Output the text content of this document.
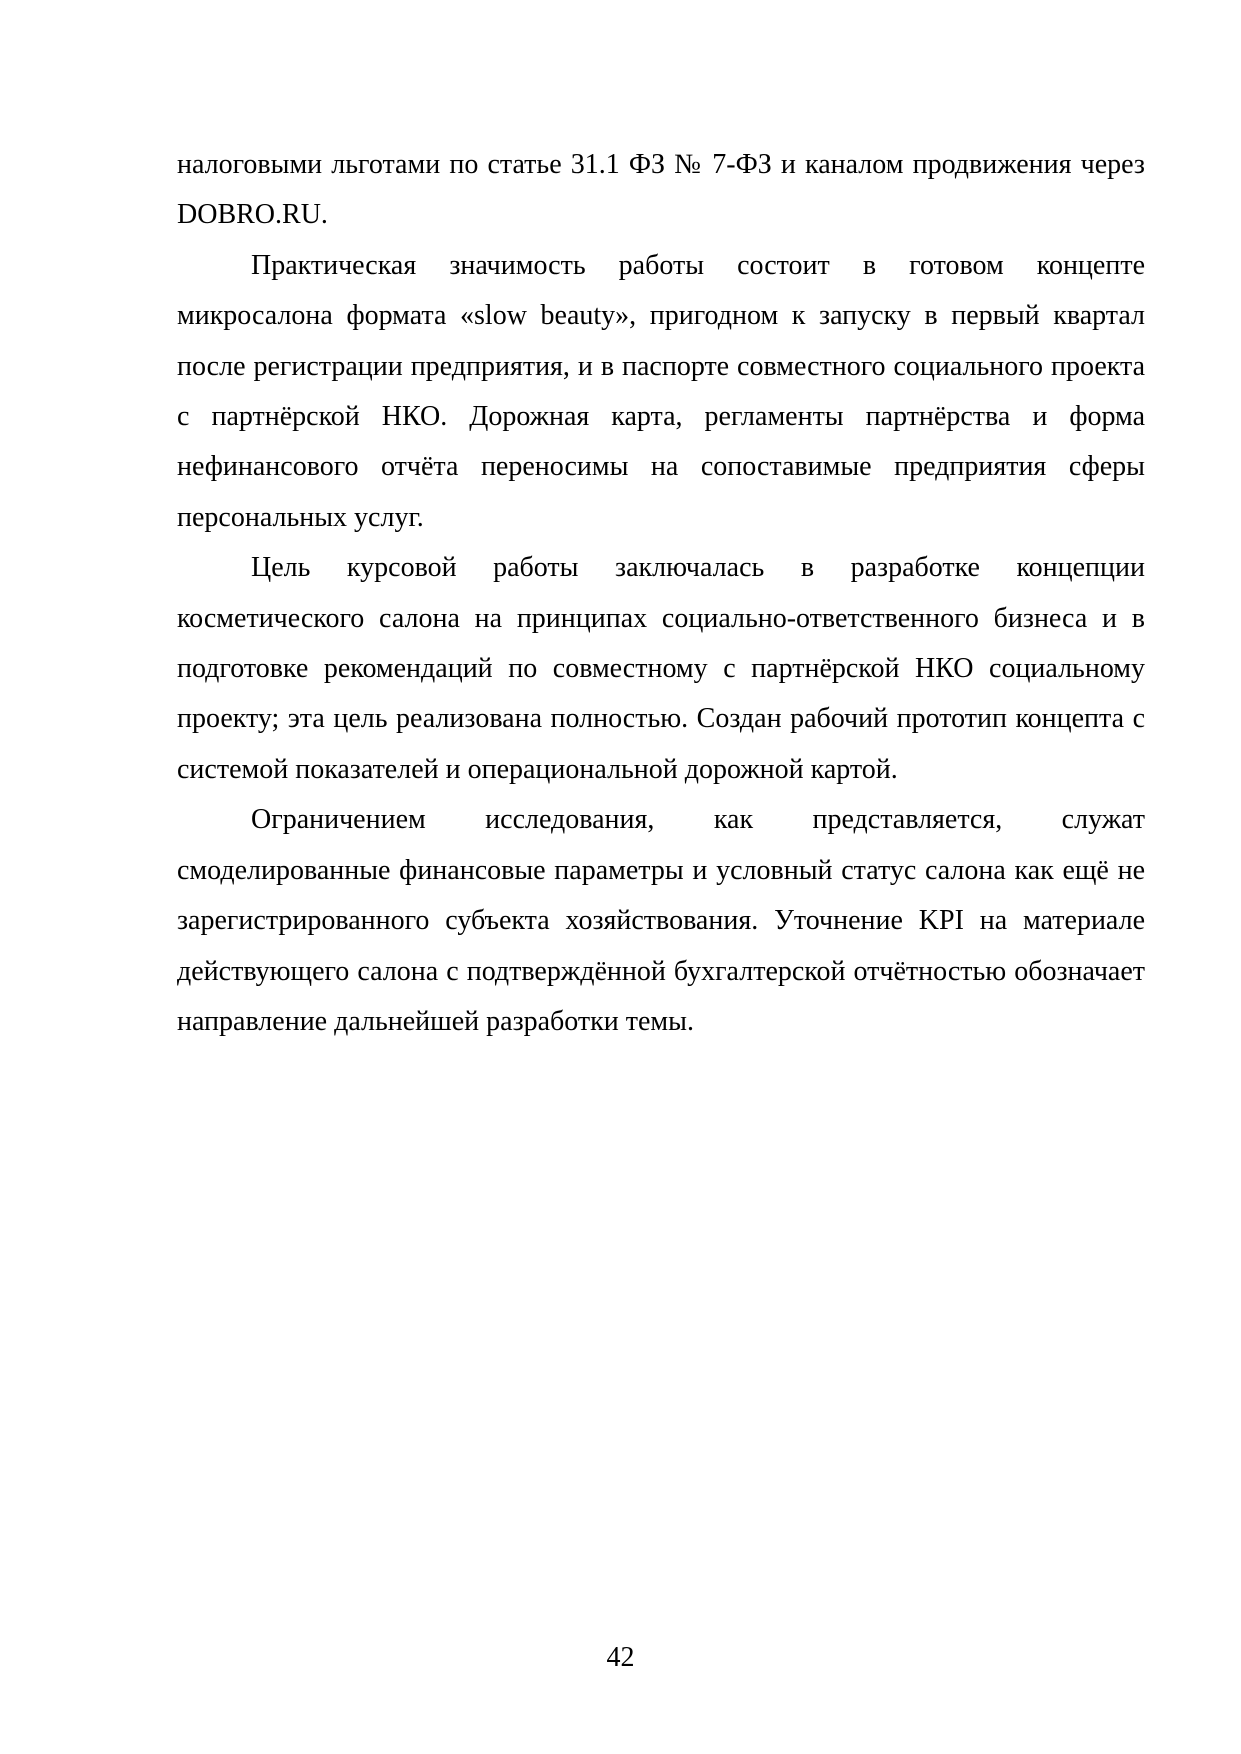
налоговыми льготами по статье 31.1 ФЗ № 7-ФЗ и каналом продвижения через DOBRO.RU.

Практическая значимость работы состоит в готовом концепте микросалона формата «slow beauty», пригодном к запуску в первый квартал после регистрации предприятия, и в паспорте совместного социального проекта с партнёрской НКО. Дорожная карта, регламенты партнёрства и форма нефинансового отчёта переносимы на сопоставимые предприятия сферы персональных услуг.

Цель курсовой работы заключалась в разработке концепции косметического салона на принципах социально-ответственного бизнеса и в подготовке рекомендаций по совместному с партнёрской НКО социальному проекту; эта цель реализована полностью. Создан рабочий прототип концепта с системой показателей и операциональной дорожной картой.

Ограничением исследования, как представляется, служат смоделированные финансовые параметры и условный статус салона как ещё не зарегистрированного субъекта хозяйствования. Уточнение KPI на материале действующего салона с подтверждённой бухгалтерской отчётностью обозначает направление дальнейшей разработки темы.

42
